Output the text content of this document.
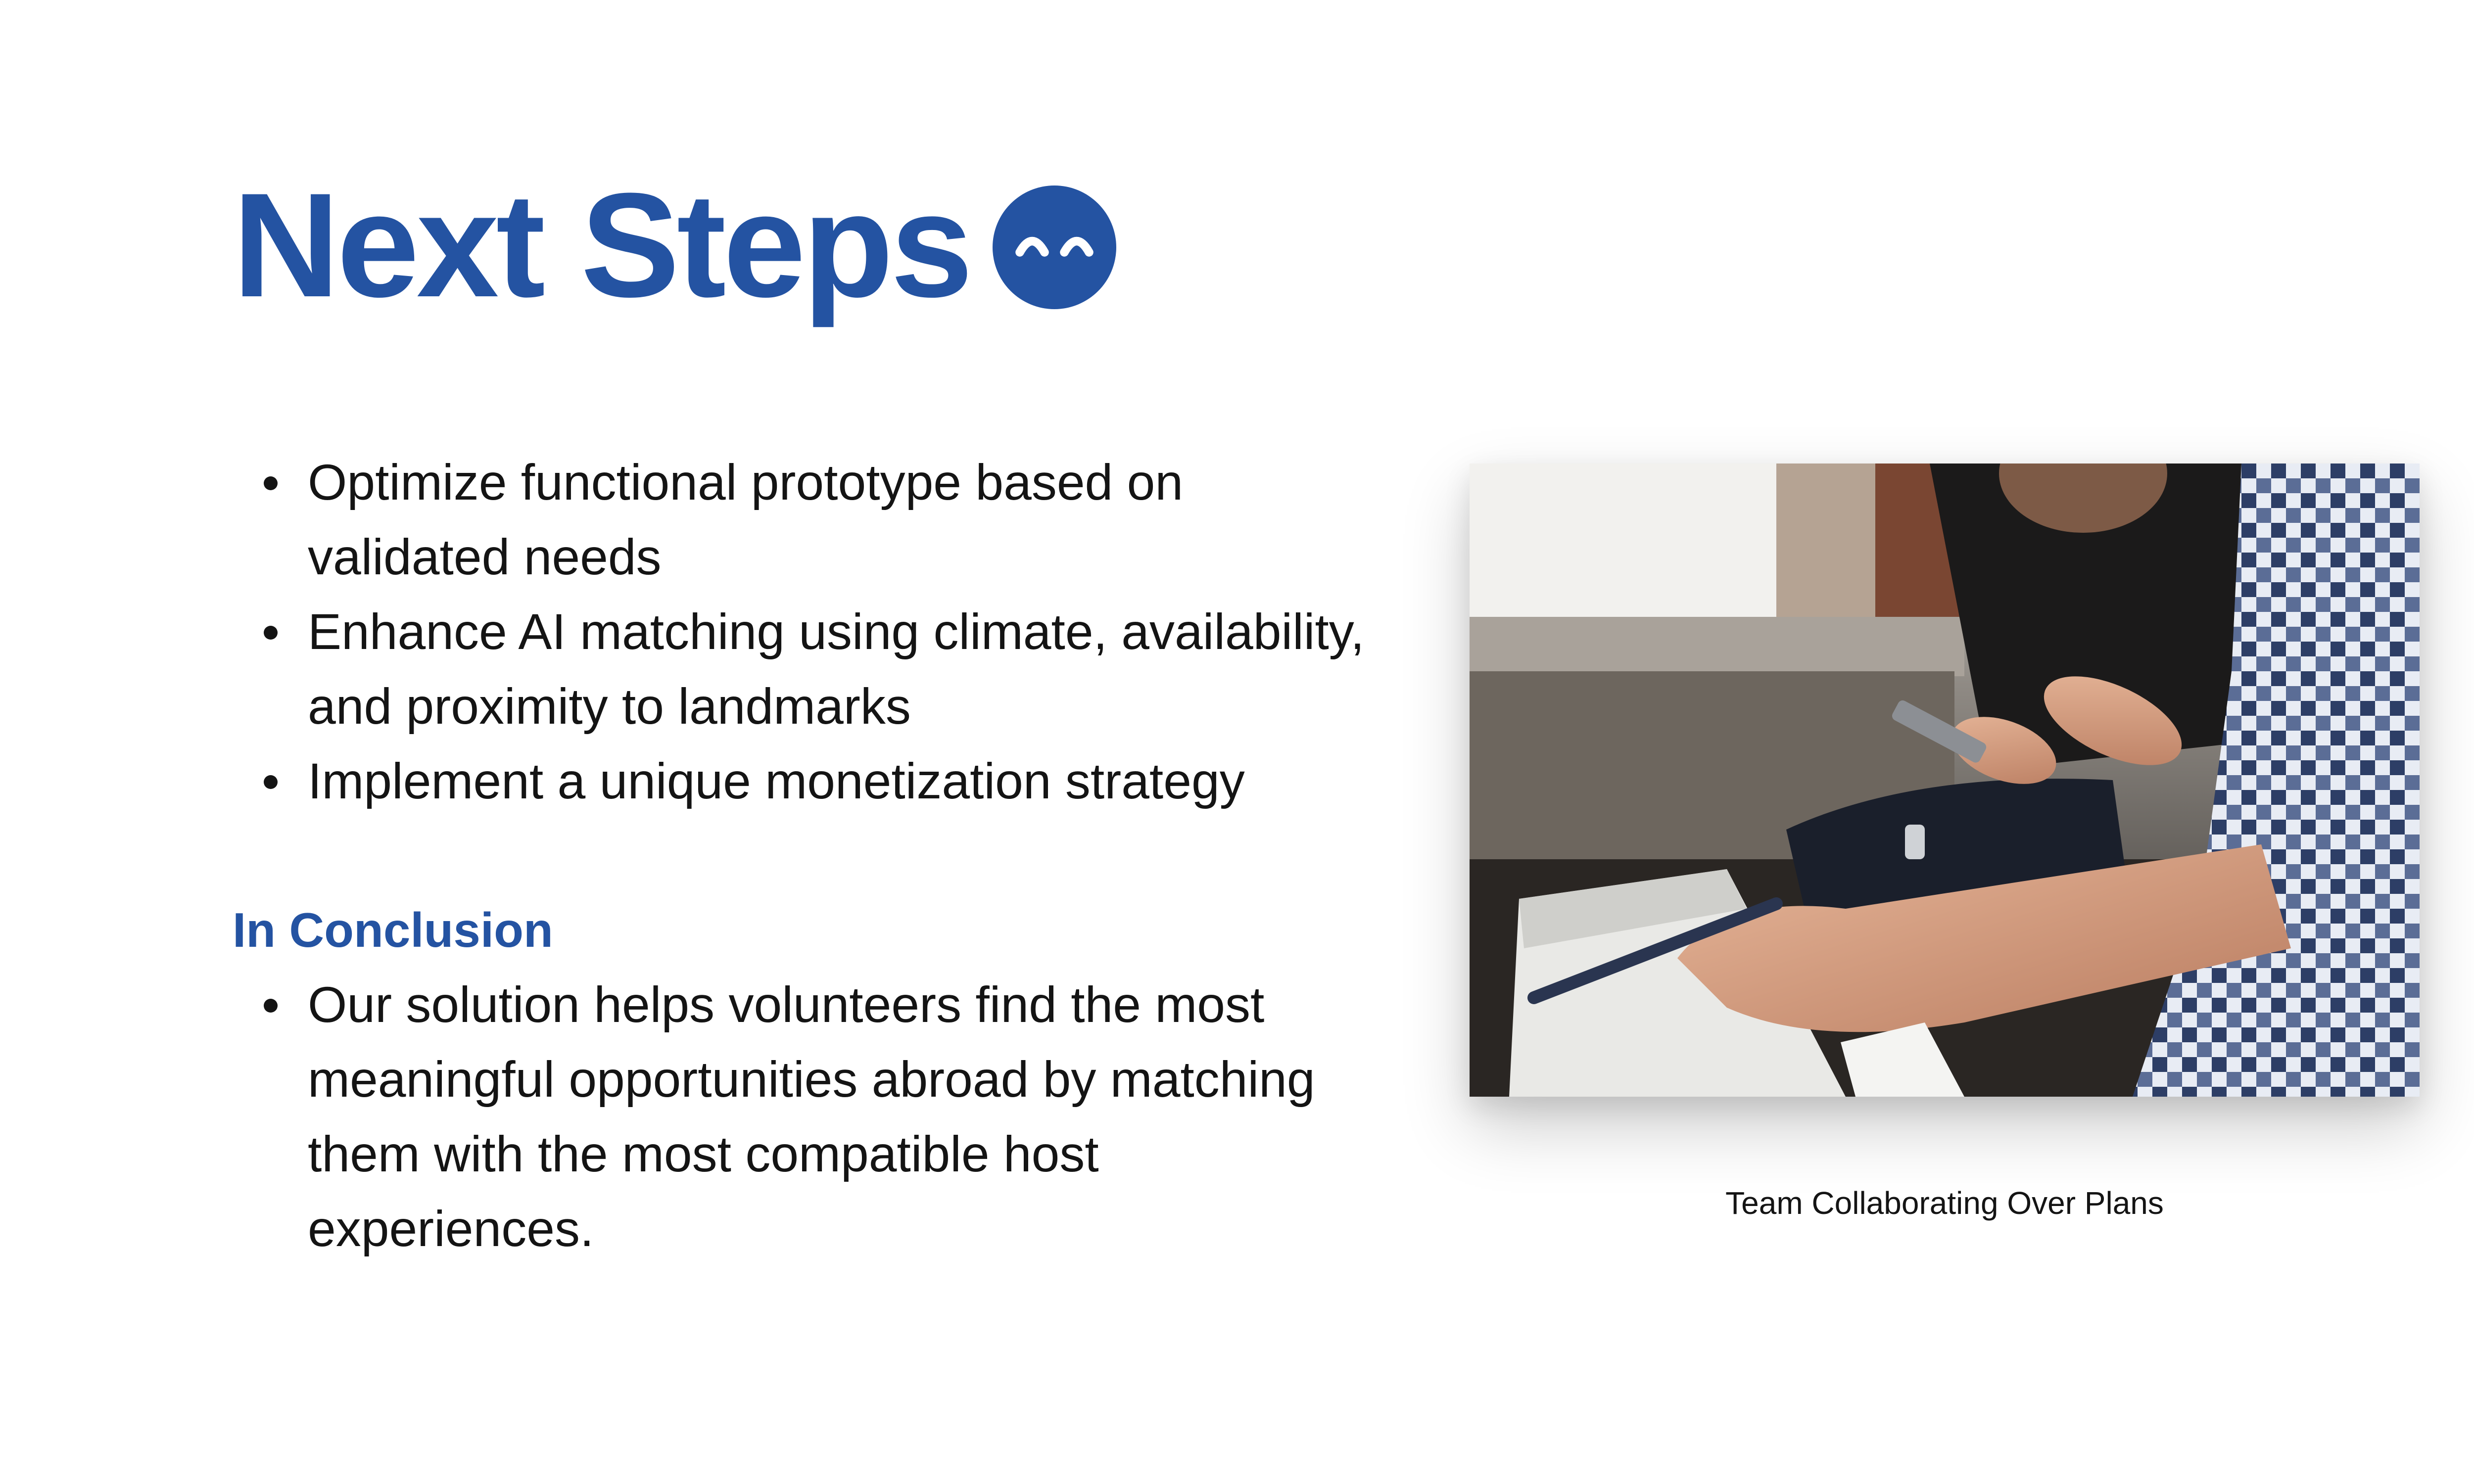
Next Steps
Optimize functional prototype based on validated needs
Enhance AI matching using climate, availability, and proximity to landmarks
Implement a unique monetization strategy
In Conclusion
Our solution helps volunteers find the most meaningful opportunities abroad by matching them with the most compatible host experiences.	Team Collaborating Over Plans
